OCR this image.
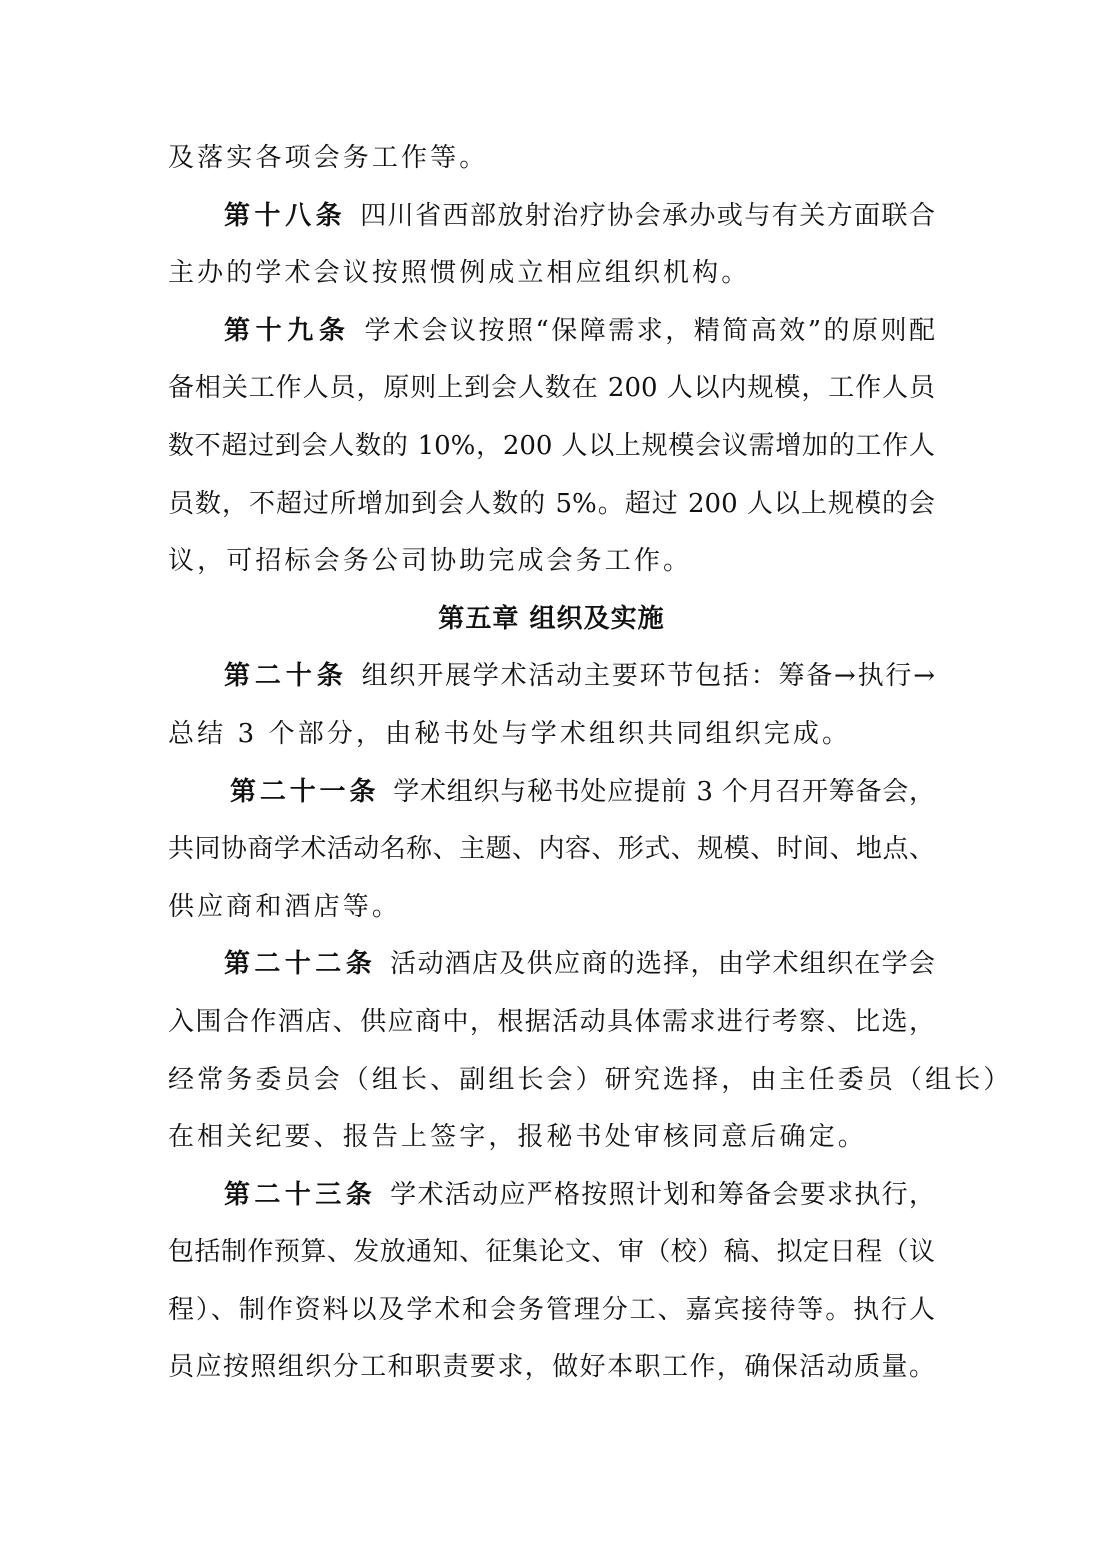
及落实各项会务工作等。
第十八条 四川省西部放射治疗协会承办或与有关方面联合
主办的学术会议按照惯例成立相应组织机构。
第十九条 学术会议按照“保障需求，精简高效”的原则配
备相关工作人员，原则上到会人数在 200 人以内规模，工作人员
数不超过到会人数的 10%，200 人以上规模会议需增加的工作人
员数，不超过所增加到会人数的 5%。超过 200 人以上规模的会
议，可招标会务公司协助完成会务工作。
第五章 组织及实施
第二十条 组织开展学术活动主要环节包括：筹备→执行→
总结 3 个部分，由秘书处与学术组织共同组织完成。
第二十一条 学术组织与秘书处应提前 3 个月召开筹备会，
共同协商学术活动名称、主题、内容、形式、规模、时间、地点、
供应商和酒店等。
第二十二条 活动酒店及供应商的选择，由学术组织在学会
入围合作酒店、供应商中，根据活动具体需求进行考察、比选，
经常务委员会（组长、副组长会）研究选择，由主任委员（组长）
在相关纪要、报告上签字，报秘书处审核同意后确定。
第二十三条 学术活动应严格按照计划和筹备会要求执行，
包括制作预算、发放通知、征集论文、审（校）稿、拟定日程（议
程）、制作资料以及学术和会务管理分工、嘉宾接待等。执行人
员应按照组织分工和职责要求，做好本职工作，确保活动质量。
